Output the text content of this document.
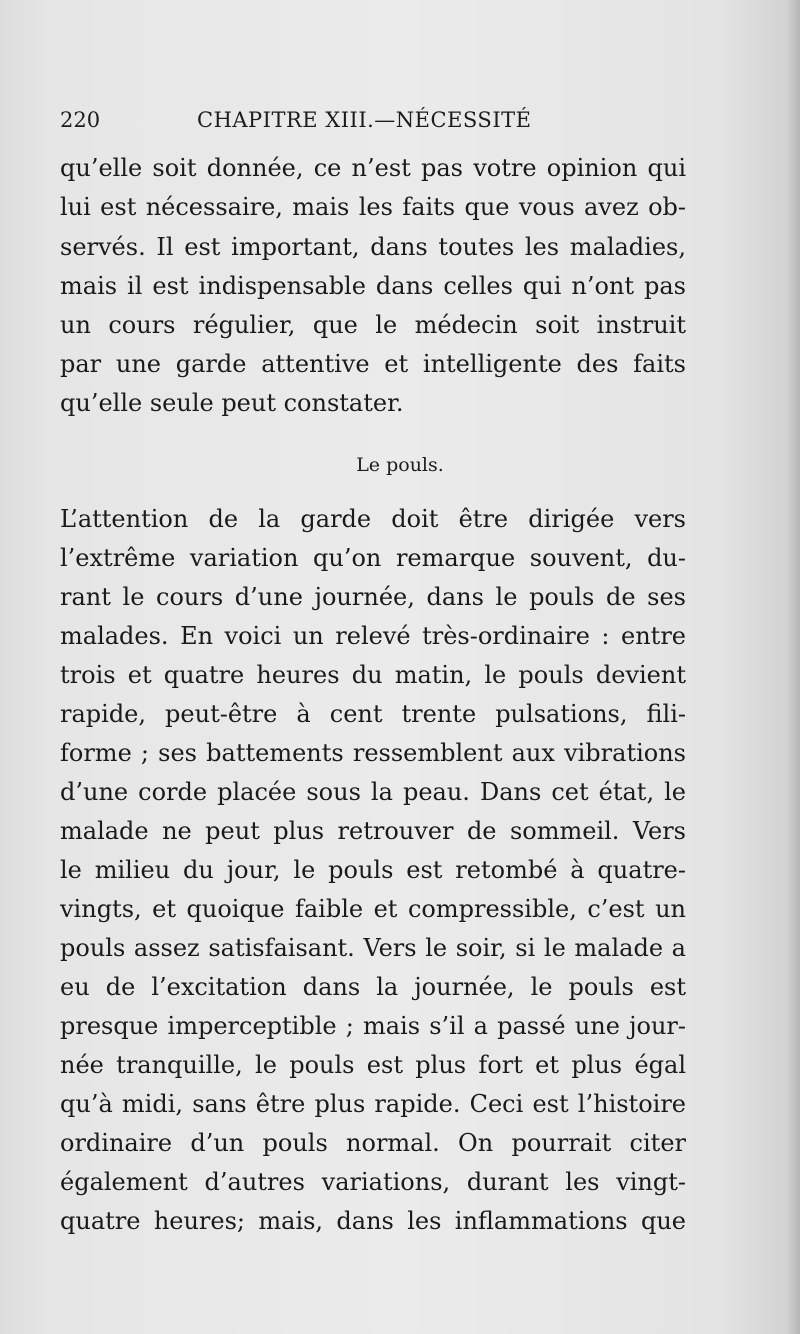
220	CHAPITRE XIII.—NÉCESSITÉ

qu’elle soit donnée, ce n’est pas votre opinion qui

lui est nécessaire, mais les faits que vous avez ob-

servés. Il est important, dans toutes les maladies,

mais il est indispensable dans celles qui n’ont pas

un cours régulier, que le médecin soit instruit

par une garde attentive et intelligente des faits

qu’elle seule peut constater.

Le pouls.

L’attention de la garde doit être dirigée vers

l’extrême variation qu’on remarque souvent, du-

rant le cours d’une journée, dans le pouls de ses

malades. En voici un relevé très-ordinaire : entre

trois et quatre heures du matin, le pouls devient

rapide, peut-être à cent trente pulsations, fili-

forme ; ses battements ressemblent aux vibrations

d’une corde placée sous la peau. Dans cet état, le

malade ne peut plus retrouver de sommeil. Vers

le milieu du jour, le pouls est retombé à quatre-

vingts, et quoique faible et compressible, c’est un

pouls assez satisfaisant. Vers le soir, si le malade a

eu de l’excitation dans la journée, le pouls est

presque imperceptible ; mais s’il a passé une jour-

née tranquille, le pouls est plus fort et plus égal

qu’à midi, sans être plus rapide. Ceci est l’histoire

ordinaire d’un pouls normal. On pourrait citer

également d’autres variations, durant les vingt-

quatre heures; mais, dans les inflammations que
